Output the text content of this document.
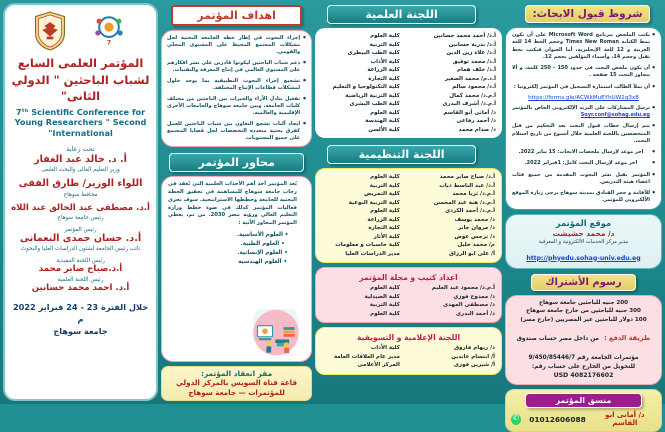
7
المؤتمر العلمى السابع لشباب الباحثين " الدولي الثانى"
7ᵗʰ Scientific Conference for Young Researchers " Second International"
تحت رعاية
أ. د. خالد عبد الغفار
وزير التعليم العالى والبحث العلمى
اللواء الوزير/ طارق الفقى
محافظ سوهاج
أ.د. مصطفى عبد الخالق عبد اللاه
رئيس جامعة سوهاج
رئيس المؤتمر
أ.د. حسان حمدى النعمانى
نائب رئيس الجامعة لشئون الدراسات العليا والبحوث
رئيس اللجنة التنفيذية
أ.د.صباح صابر محمد
رئيس اللجنة العلمية
أ.د. احمد محمد حسانين
خلال الفترة 23 - 24 فبراير 2022 م
جامعة سوهاج
اهداف المؤتمر
● إجراء البحوث في إطار خطة الجامعة البحثية لحل مشكلات المجتمع المحيط على المستوى المحلي والقومي.
● دعم شباب الباحثين ليكونوا قادرين على نشر افكارهم على المستوى العالمي في إنتاج المعرفة والتقنيات.
● تشجيع إجراء البحوث التطبيقية بما يوجد حلول لمشكلات قطاعات الإنتاج المختلفة.
● تفعيل تبادل الآراء والخبرات بين الباحثين من مختلف كليات الجامعة، وبين جامعة سوهاج والجامعات الأخرى الإقليمية والعالمية.
● ايجاد آليات تشجع التعاون بين شباب الباحثين للعمل كفرق بحثية متعددة التخصصات لحل قضايا المجتمع على جميع المستويات.
محاور المؤتمر
يُعد المؤتمر أحد أهم الأحداث العلمية التي تُعقد في رحاب جامعة سوهاج للمساهمة في تحقيق الخطة البحثية للجامعة وخططها الاستراتيجية. سوف تجري فعاليات المؤتمر كذلك في ضوء خطط وزارة التعليم العالي ورؤية مصر 2030. من ثم، يغطي المؤتمر المحاور الآتية :
• العلوم الأساسية.
• العلوم الطبية.
• العلوم الإنسانية.
• العلوم الهندسية
مقر انعقاد المؤتمر:
قاعة قناة السويس بالمركز الدولي للمؤتمرات — جامعة سوهاج
اللجنة العلمية
أ.د/ أحمد محمد حسانين
كلية العلوم
أ.د/ بدرية حسانين
كلية التربية
أ.د/ علاء زين الدين
كلية الطب البيطرى
أ.د/ محمد توفيق
كلية الأداب
أ.د/ خلف همام
كلية الزراعة
أ.د.م/ محمد الصغير
كلية التجارة
أ.د/ محمود سالم
كلية التكنولوجيا و التعليم
أ.م.د/ محمد كمال
كلية التربية الرياضية
أ.م.د/ أشرف البدرى
كلية الطب البشرى
د/ أمانى أبو القاسم
كلية العلوم
د/ أحمد رفاعى
كلية الهندسة
د/ صدام محمد
كلية الألسن
اللجنة التنظيمية
أ.د/ صباح صابر محمد
كلية العلوم
أ.د/ عبد الباسط دياب
كلية التربية
أ.م.د/ ثريا محمد
كلية التمريض
أ.م.د/ هبة عبد المحسن
كلية التربية النوعية
أ.م.د/ أحمد الكردى
كلية العلوم
د/ محمد يوسف
كلية الزراعة
د/ مروان جابر
كلية التجارة
د/ نرجس عوض
كلية الأثار
م/ محمد خليل
كلية حاسبات و معلومات
أ/ على ابو الرزاق
مدير الدراسات العليا
اعداد كتيب و مجلة المؤتمر
أ.م.د/ محمود عبد العليم
كلية العلوم
د/ ممدوح فوزى
كلية الصيدلية
د/ مصطفى المهدى
كلية التربية
د/ أحمد البدرى
كلية العلوم
اللجنة الإعلامية و التسويقية
د/ ريهام فاروق
كلية الأداب
أ/ ابتسام عابدين
مدير عام العلاقات العامة
أ/ شيرين فوزى
المركز الأعلامى
شروط قبول الابحاث:
● يكتب الملخص ببرنامج Microsoft Word على أن يكون نمط الكتابة Times New Roman وحجم الخط 14 للغة العربية و 12 للغة الإنجليزية، أما العنوان فيكتب بخط ثقيل وحجم 14، وأسماء المؤلفين بحجم 12.
● أن يكون ملخص البحث فى حدود 150 - 250 كلمة، و ألا يتجاوز البحث 15 صفحة .
● أن يملأ الطالب استمارة التسجيل فى المؤتمر إلكترونيا :
https://forms.gle/ACWkMuEYhUW2q3x8
● ترسل المشاركات على البريد الإلكترونى الخاص بالمؤتمر Soyr.conf@sohag.edu.eg
● يتم إرسال خطاب قبول البحث بعد التحكيم من قبل المتخصصين باللجنة العلمية خلال أسبوع من تاريخ استلام البحث.
● اخر موعد لإرسال ملخصات الابحاث: 15 يناير 2022.
● اخر موعد لإرسال البحث كامل: 1فبراير 2022.
● المؤتمر يقبل نشر البحوث المقدمة من جميع فئات اعضاء هيئة التدريس.
● للأقامة و حجز الفنادق بمدينة سوهاج يرجى زيارة الموقع الألكترونى للمؤتمر.
موقع المؤتمر
د/ محمد حشيشت
مدير مركز الخدمات الألكترونية و المعرفية
http://phyedu.sohag-univ.edu.eg
رسوم الأشتراك
200 جنيه للباحثين جامعة سوهاج
300 جنيه للباحثين من خارج جامعة سوهاج
100 دولار للباحثين غير المصريين (خارج مصر)
طريقة الدفع : من داخل مصر حساب صندوق مؤتمرات الجامعة رقم 9/450/85446/7
للتحويل من الخارج على حساب رقم:
USD 4082176602
منسق المؤتمر
✆
01012606088	د/ أمانى ابو القاسم
